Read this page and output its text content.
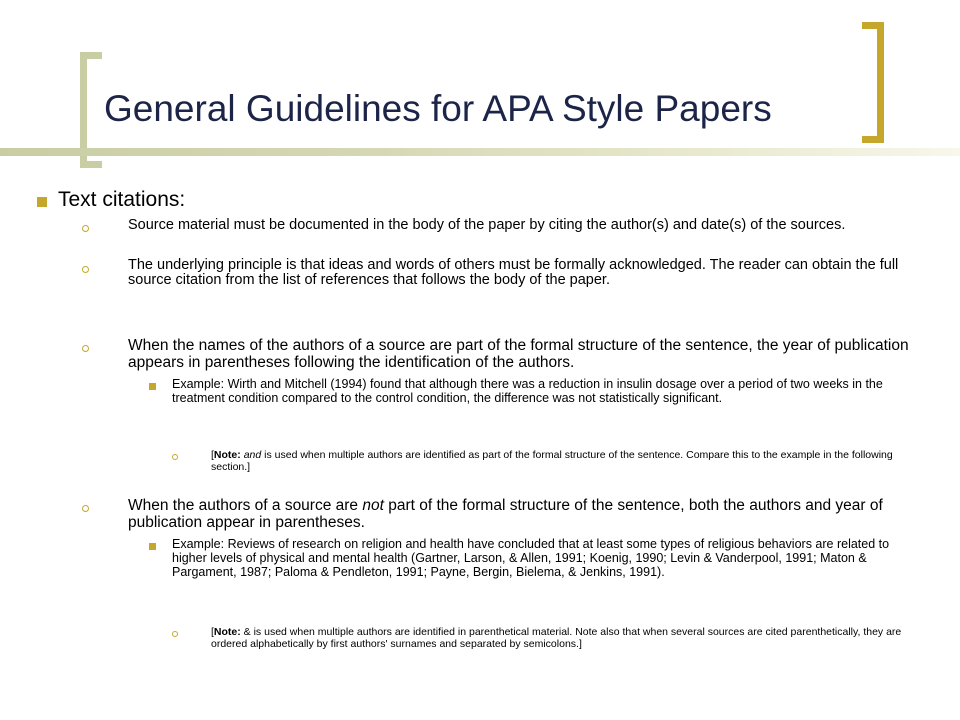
General Guidelines for APA Style Papers
Text citations:

Source material must be documented in the body of the paper by citing the author(s) and date(s) of the sources.

The underlying principle is that ideas and words of others must be formally acknowledged. The reader can obtain the full source citation from the list of references that follows the body of the paper.

When the names of the authors of a source are part of the formal structure of the sentence, the year of publication appears in parentheses following the identification of the authors.

Example: Wirth and Mitchell (1994) found that although there was a reduction in insulin dosage over a period of two weeks in the treatment condition compared to the control condition, the difference was not statistically significant.

[Note: and is used when multiple authors are identified as part of the formal structure of the sentence. Compare this to the example in the following section.]

When the authors of a source are not part of the formal structure of the sentence, both the authors and year of publication appear in parentheses.

Example: Reviews of research on religion and health have concluded that at least some types of religious behaviors are related to higher levels of physical and mental health (Gartner, Larson, & Allen, 1991; Koenig, 1990; Levin & Vanderpool, 1991; Maton & Pargament, 1987; Paloma & Pendleton, 1991; Payne, Bergin, Bielema, & Jenkins, 1991).

[Note: & is used when multiple authors are identified in parenthetical material. Note also that when several sources are cited parenthetically, they are ordered alphabetically by first authors' surnames and separated by semicolons.]
